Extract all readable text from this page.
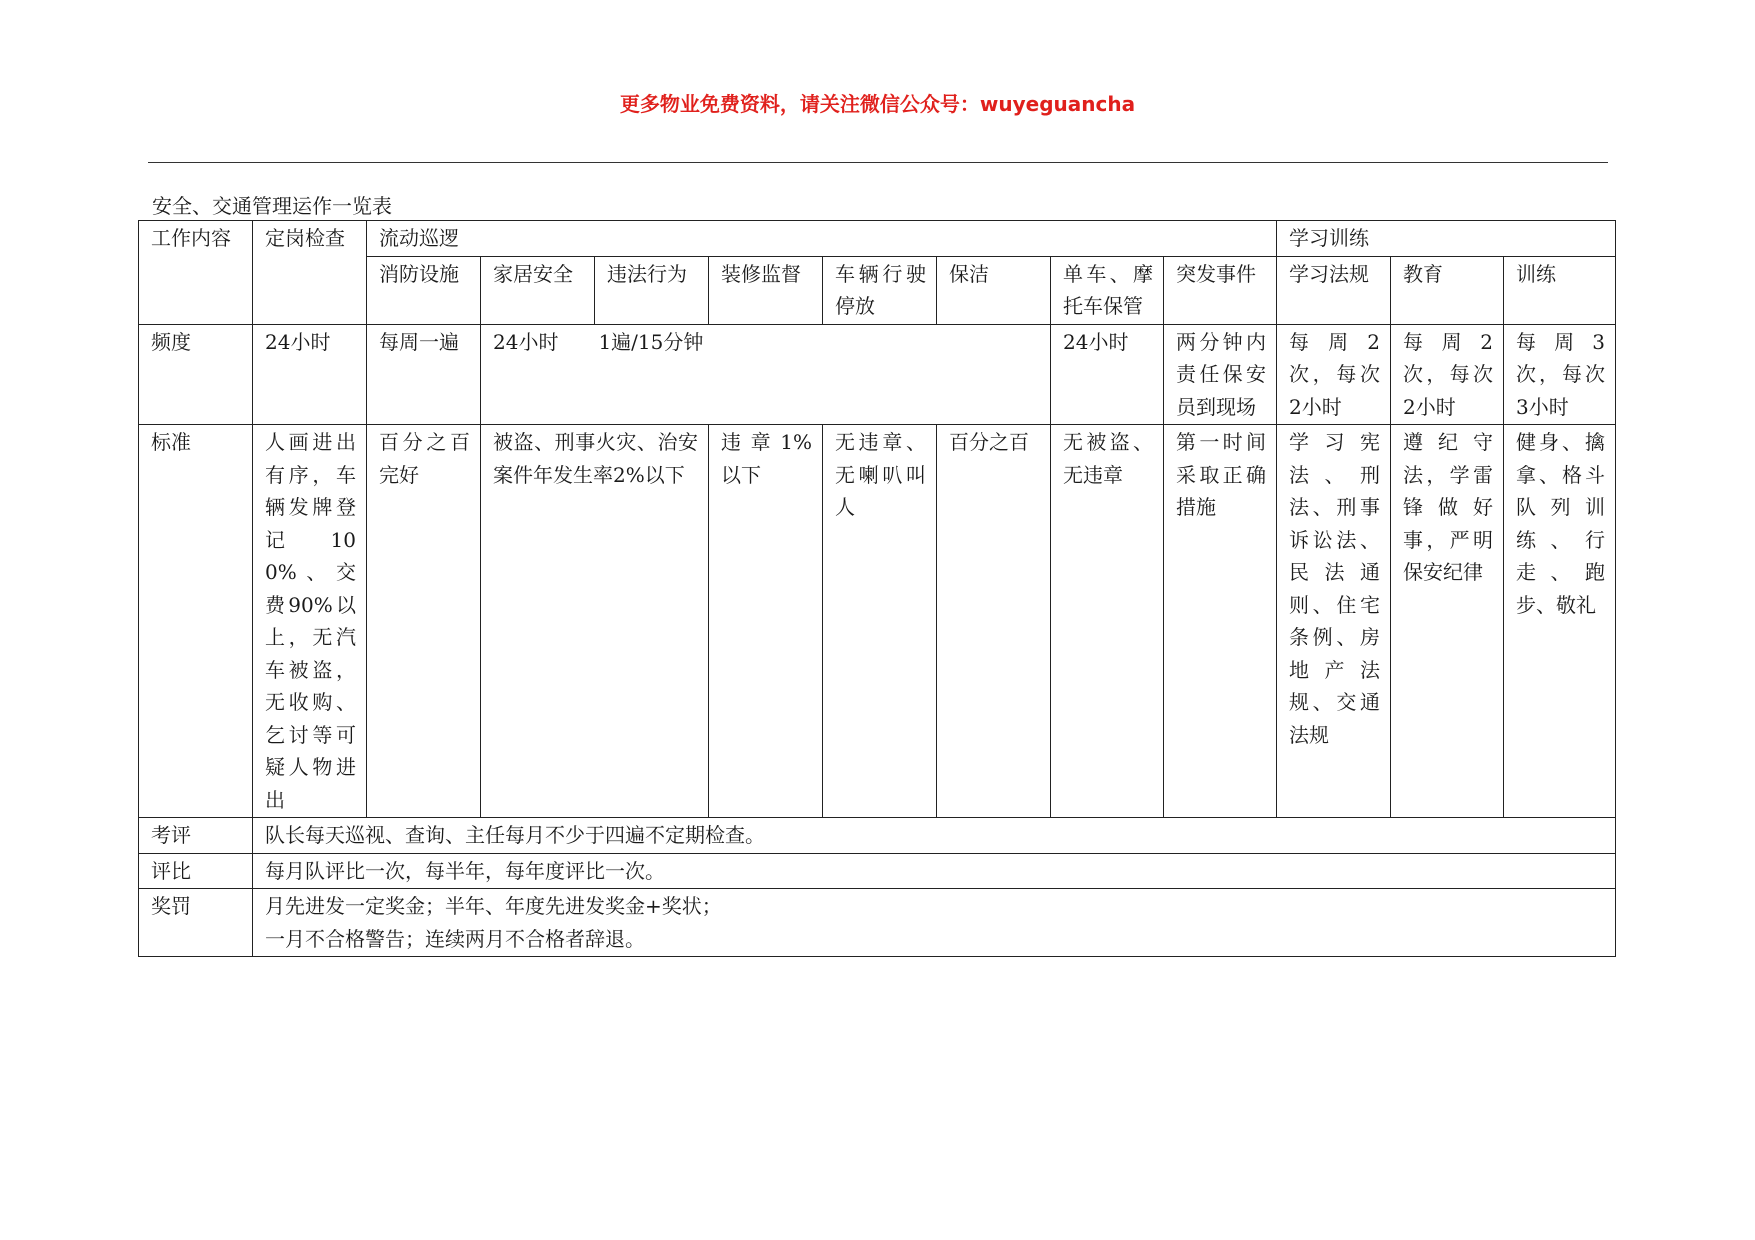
更多物业免费资料，请关注微信公众号：wuyeguancha
安全、交通管理运作一览表
工作内容	定岗检查	流动巡逻								学习训练		
		消防设施	家居安全	违法行为	装修监督	车辆行驶停放	保洁	单车、摩托车保管	突发事件	学习法规	教育	训练
频度	24小时	每周一遍	24小时　　1遍/15分钟					24小时	两分钟内责任保安员到现场	每周2次，每次2小时	每周2次，每次2小时	每周3次，每次3小时
标准	人画进出有序，车辆发牌登记100%、交费90%以上，无汽车被盗，无收购、乞讨等可疑人物进出	百分之百完好	被盗、刑事火灾、治安案件年发生率2%以下		违章1%以下	无违章、无喇叭叫人	百分之百	无被盗、无违章	第一时间采取正确措施	学习宪法、刑法、刑事诉讼法、民法通则、住宅条例、房地产法规、交通法规	遵纪守法，学雷锋做好事，严明保安纪律	健身、擒拿、格斗队列训练、行走、跑步、敬礼
考评	队长每天巡视、查询、主任每月不少于四遍不定期检查。											
评比	每月队评比一次，每半年，每年度评比一次。											
奖罚	月先进发一定奖金；半年、年度先进发奖金+奖状；
一月不合格警告；连续两月不合格者辞退。											
